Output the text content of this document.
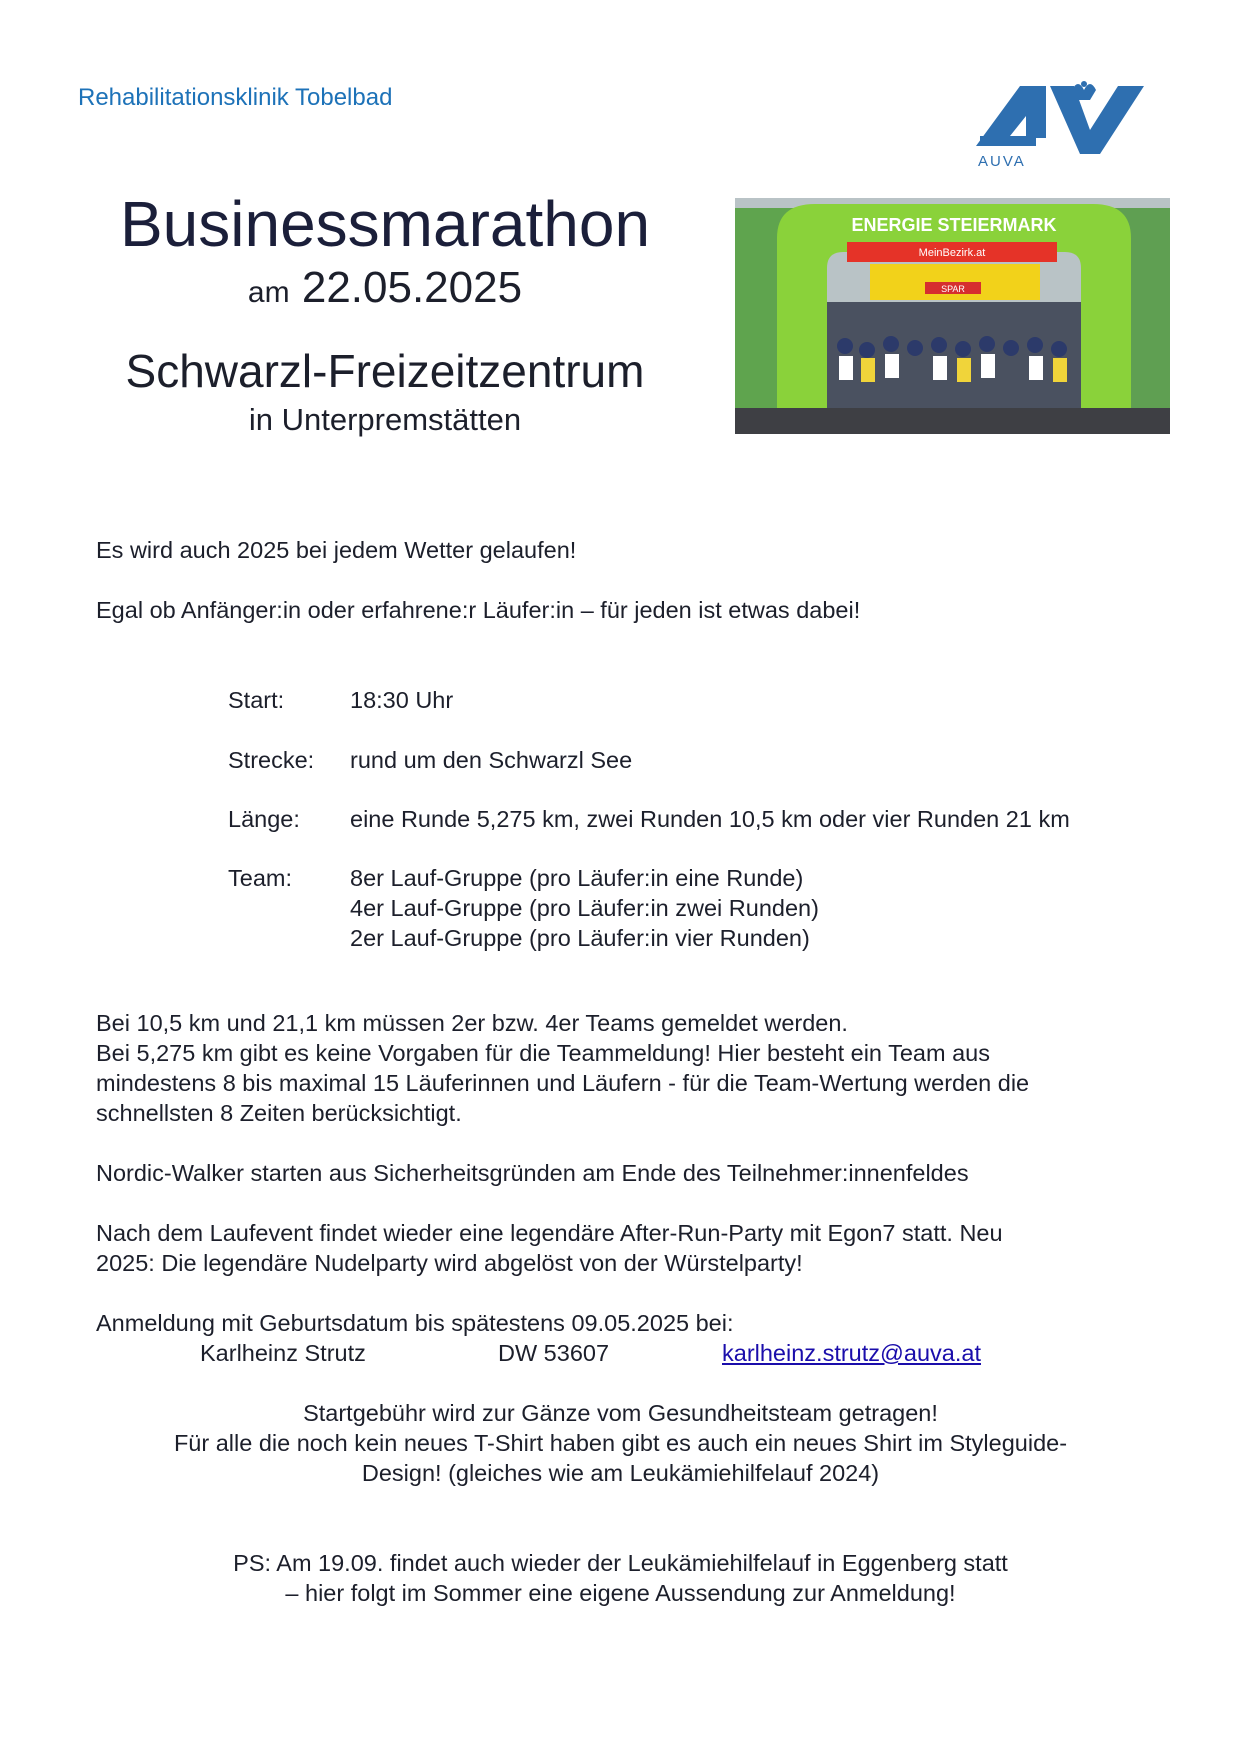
Rehabilitationsklinik Tobelbad
AUVA
ENERGIE STEIERMARK
MeinBezirk.at
SPAR
Businessmarathon
am 22.05.2025
Schwarzl-Freizeitzentrum
in Unterpremstätten
Es wird auch 2025 bei jedem Wetter gelaufen!
Egal ob Anfänger:in oder erfahrene:r Läufer:in – für jeden ist etwas dabei!
Start:	18:30 Uhr
Strecke: rund um den Schwarzl See
Länge: eine Runde 5,275 km, zwei Runden 10,5 km oder vier Runden 21 km
Team: 8er Lauf-Gruppe (pro Läufer:in eine Runde)
4er Lauf-Gruppe (pro Läufer:in zwei Runden)
2er Lauf-Gruppe (pro Läufer:in vier Runden)
Bei 10,5 km und 21,1 km müssen 2er bzw. 4er Teams gemeldet werden.
Bei 5,275 km gibt es keine Vorgaben für die Teammeldung! Hier besteht ein Team aus
mindestens 8 bis maximal 15 Läuferinnen und Läufern - für die Team-Wertung werden die
schnellsten 8 Zeiten berücksichtigt.
Nordic-Walker starten aus Sicherheitsgründen am Ende des Teilnehmer:innenfeldes
Nach dem Laufevent findet wieder eine legendäre After-Run-Party mit Egon7 statt. Neu
2025: Die legendäre Nudelparty wird abgelöst von der Würstelparty!
Anmeldung mit Geburtsdatum bis spätestens 09.05.2025 bei:
Karlheinz Strutz	DW 53607	karlheinz.strutz@auva.at
Startgebühr wird zur Gänze vom Gesundheitsteam getragen!
Für alle die noch kein neues T-Shirt haben gibt es auch ein neues Shirt im Styleguide-
Design! (gleiches wie am Leukämiehilfelauf 2024)
PS: Am 19.09. findet auch wieder der Leukämiehilfelauf in Eggenberg statt
– hier folgt im Sommer eine eigene Aussendung zur Anmeldung!
